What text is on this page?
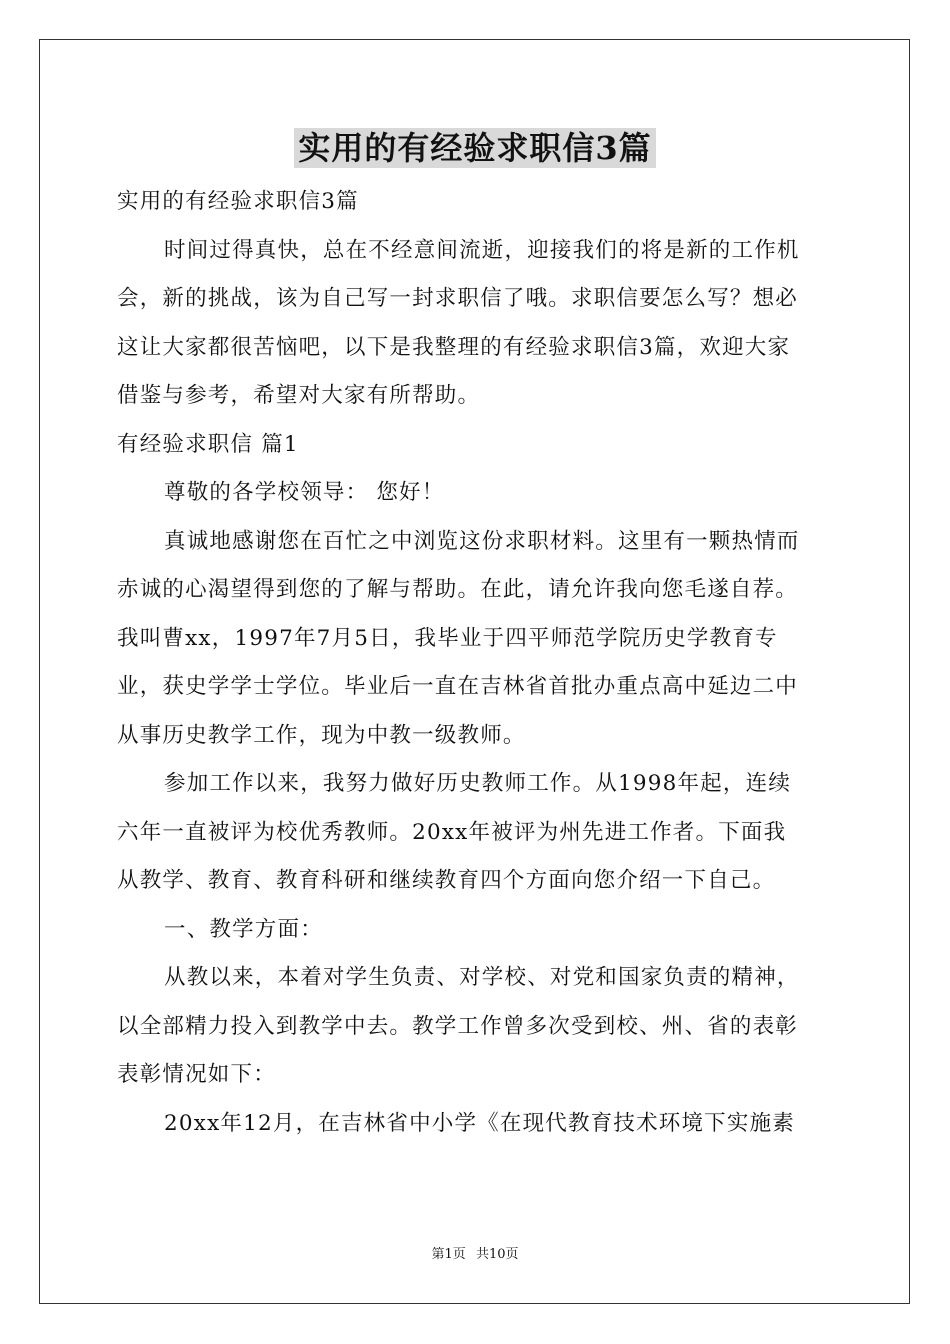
实用的有经验求职信3篇

实用的有经验求职信3篇

时间过得真快，总在不经意间流逝，迎接我们的将是新的工作机

会，新的挑战，该为自己写一封求职信了哦。求职信要怎么写？想必

这让大家都很苦恼吧，以下是我整理的有经验求职信3篇，欢迎大家

借鉴与参考，希望对大家有所帮助。

有经验求职信 篇1

尊敬的各学校领导： 您好！

真诚地感谢您在百忙之中浏览这份求职材料。这里有一颗热情而

赤诚的心渴望得到您的了解与帮助。在此，请允许我向您毛遂自荐。

我叫曹xx，1997年7月5日，我毕业于四平师范学院历史学教育专

业，获史学学士学位。毕业后一直在吉林省首批办重点高中延边二中

从事历史教学工作，现为中教一级教师。

参加工作以来，我努力做好历史教师工作。从1998年起，连续

六年一直被评为校优秀教师。20xx年被评为州先进工作者。下面我

从教学、教育、教育科研和继续教育四个方面向您介绍一下自己。

一、教学方面：

从教以来，本着对学生负责、对学校、对党和国家负责的精神，

以全部精力投入到教学中去。教学工作曾多次受到校、州、省的表彰

表彰情况如下：

20xx年12月，在吉林省中小学《在现代教育技术环境下实施素

第1页 共10页
